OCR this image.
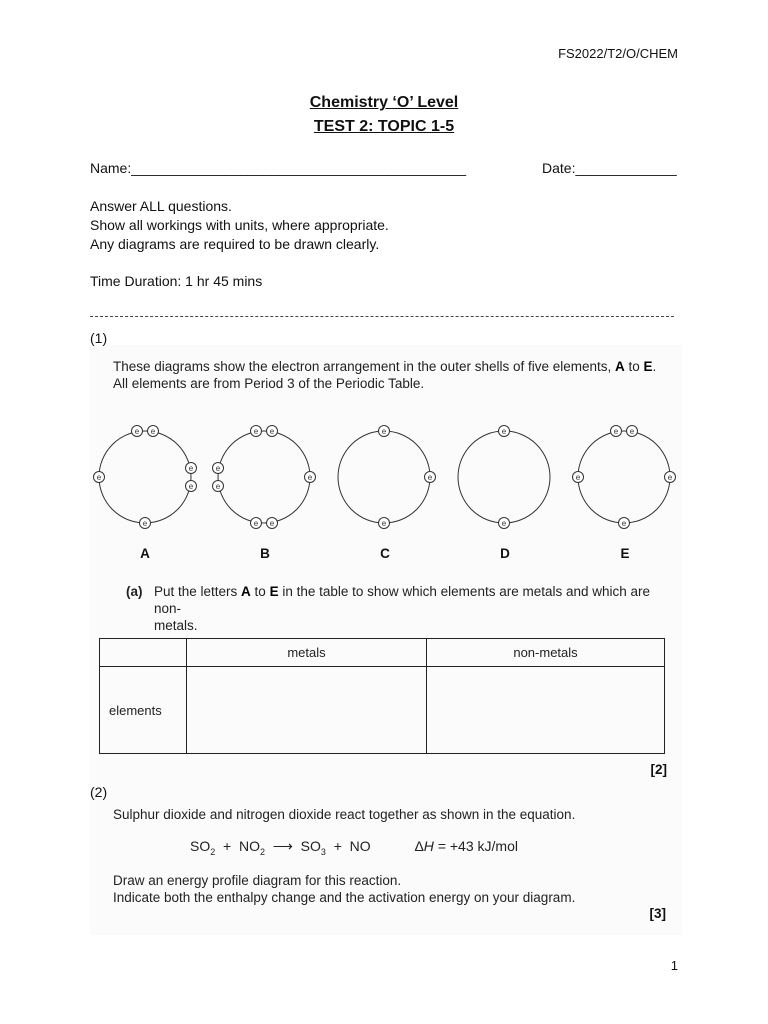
FS2022/T2/O/CHEM
Chemistry ‘O’ Level
TEST 2: TOPIC 1-5
Name:___________________________________________	Date:_____________
Answer ALL questions.
Show all workings with units, where appropriate.
Any diagrams are required to be drawn clearly.
Time Duration: 1 hr 45 mins
(1)
These diagrams show the electron arrangement in the outer shells of five elements, A to E.
All elements are from Period 3 of the Periodic Table.
e e
e
e
e
e
e e
e
e
e
e
e
e
e
e
e
e
e e
e	e
e
A	B	C	D	E
(a) Put the letters A to E in the table to show which elements are metals and which are non-
metals.
	metals	non-metals
elements		
[2]
(2)
Sulphur dioxide and nitrogen dioxide react together as shown in the equation.
$SO_2 + NO_2$ ⟶ $SO_3$ + NO	ΔH = +43 kJ/mol
Draw an energy profile diagram for this reaction.
Indicate both the enthalpy change and the activation energy on your diagram.
[3]
1
